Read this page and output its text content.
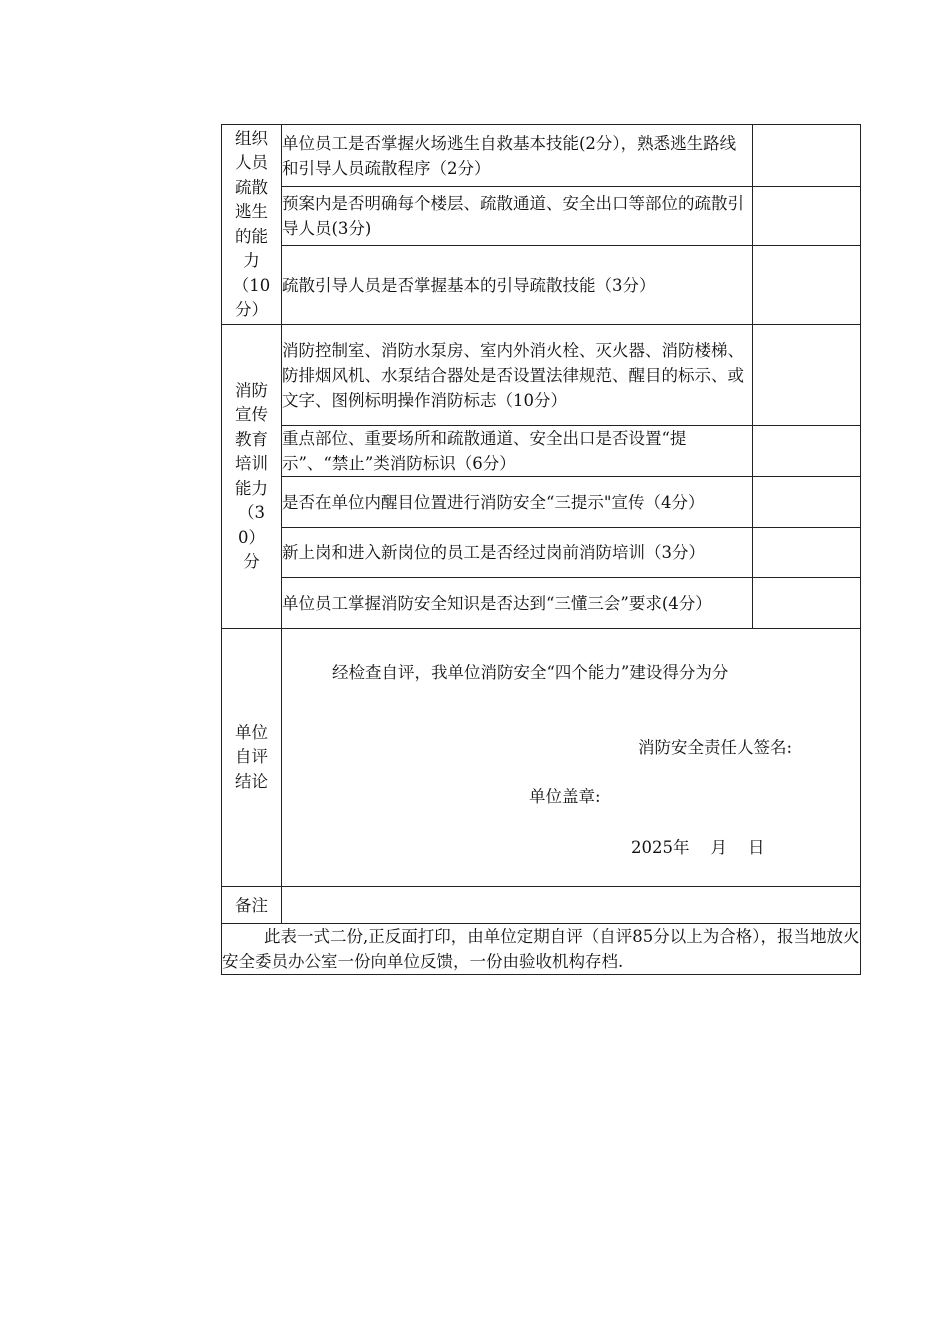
组织人员疏散逃生的能力（10分）	单位员工是否掌握火场逃生自救基本技能(2分），熟悉逃生路线和引导人员疏散程序（2分）	
	预案内是否明确每个楼层、疏散通道、安全出口等部位的疏散引导人员(3分)	
	疏散引导人员是否掌握基本的引导疏散技能（3分）	
消防宣传教育培训能力（30）分	消防控制室、消防水泵房、室内外消火栓、灭火器、消防楼梯、防排烟风机、水泵结合器处是否设置法律规范、醒目的标示、或文字、图例标明操作消防标志（10分）	
	重点部位、重要场所和疏散通道、安全出口是否设置“提示”、“禁止”类消防标识（6分）	
	是否在单位内醒目位置进行消防安全“三提示"宣传（4分）	
	新上岗和进入新岗位的员工是否经过岗前消防培训（3分）	
	单位员工掌握消防安全知识是否达到“三懂三会”要求(4分）	
单位自评结论	经检查自评，我单位消防安全“四个能力”建设得分为分
消防安全责任人签名:
单位盖章:
2025年 月 日	

备注		
此表一式二份,正反面打印，由单位定期自评（自评85分以上为合格），报当地放火安全委员办公室一份向单位反馈，一份由验收机构存档.		
